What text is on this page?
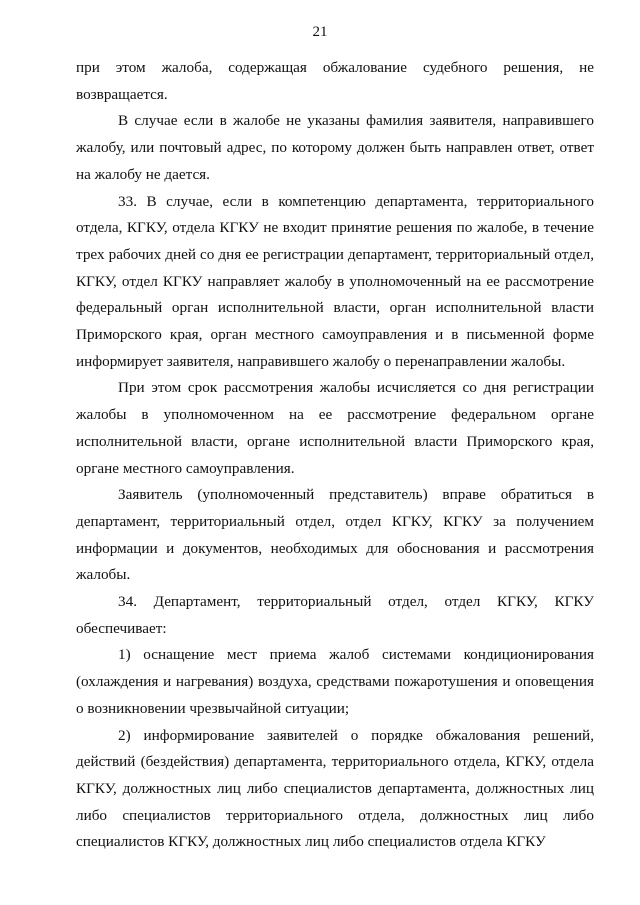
21

при этом жалоба, содержащая обжалование судебного решения, не возвращается.

В случае если в жалобе не указаны фамилия заявителя, направившего жалобу, или почтовый адрес, по которому должен быть направлен ответ, ответ на жалобу не дается.

33. В случае, если в компетенцию департамента, территориального отдела, КГКУ, отдела КГКУ не входит принятие решения по жалобе, в течение трех рабочих дней со дня ее регистрации департамент, территориальный отдел, КГКУ, отдел КГКУ направляет жалобу в уполномоченный на ее рассмотрение федеральный орган исполнительной власти, орган исполнительной власти Приморского края, орган местного самоуправления и в письменной форме информирует заявителя, направившего жалобу о перенаправлении жалобы.

При этом срок рассмотрения жалобы исчисляется со дня регистрации жалобы в уполномоченном на ее рассмотрение федеральном органе исполнительной власти, органе исполнительной власти Приморского края, органе местного самоуправления.

Заявитель (уполномоченный представитель) вправе обратиться в департамент, территориальный отдел, отдел КГКУ, КГКУ за получением информации и документов, необходимых для обоснования и рассмотрения жалобы.

34. Департамент, территориальный отдел, отдел КГКУ, КГКУ обеспечивает:

1) оснащение мест приема жалоб системами кондиционирования (охлаждения и нагревания) воздуха, средствами пожаротушения и оповещения о возникновении чрезвычайной ситуации;

2) информирование заявителей о порядке обжалования решений, действий (бездействия) департамента, территориального отдела, КГКУ, отдела КГКУ, должностных лиц либо специалистов департамента, должностных лиц либо специалистов территориального отдела, должностных лиц либо специалистов КГКУ, должностных лиц либо специалистов отдела КГКУ
